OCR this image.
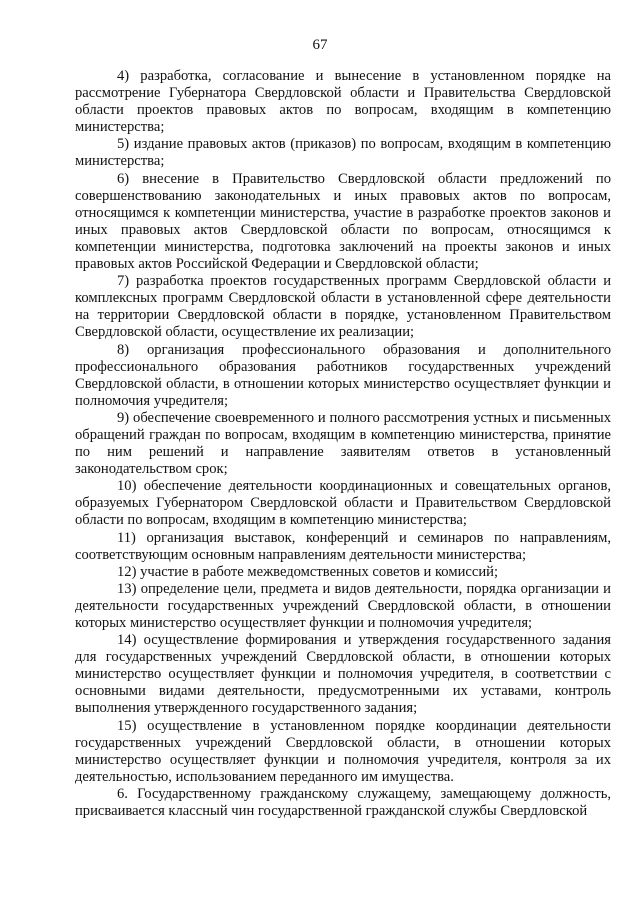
67

4) разработка, согласование и вынесение в установленном порядке на рассмотрение Губернатора Свердловской области и Правительства Свердловской области проектов правовых актов по вопросам, входящим в компетенцию министерства;

5) издание правовых актов (приказов) по вопросам, входящим в компетенцию министерства;

6) внесение в Правительство Свердловской области предложений по совершенствованию законодательных и иных правовых актов по вопросам, относящимся к компетенции министерства, участие в разработке проектов законов и иных правовых актов Свердловской области по вопросам, относящимся к компетенции министерства, подготовка заключений на проекты законов и иных правовых актов Российской Федерации и Свердловской области;

7) разработка проектов государственных программ Свердловской области и комплексных программ Свердловской области в установленной сфере деятельности на территории Свердловской области в порядке, установленном Правительством Свердловской области, осуществление их реализации;

8) организация профессионального образования и дополнительного профессионального образования работников государственных учреждений Свердловской области, в отношении которых министерство осуществляет функции и полномочия учредителя;

9) обеспечение своевременного и полного рассмотрения устных и письменных обращений граждан по вопросам, входящим в компетенцию министерства, принятие по ним решений и направление заявителям ответов в установленный законодательством срок;

10) обеспечение деятельности координационных и совещательных органов, образуемых Губернатором Свердловской области и Правительством Свердловской области по вопросам, входящим в компетенцию министерства;

11) организация выставок, конференций и семинаров по направлениям, соответствующим основным направлениям деятельности министерства;

12) участие в работе межведомственных советов и комиссий;

13) определение цели, предмета и видов деятельности, порядка организации и деятельности государственных учреждений Свердловской области, в отношении которых министерство осуществляет функции и полномочия учредителя;

14) осуществление формирования и утверждения государственного задания для государственных учреждений Свердловской области, в отношении которых министерство осуществляет функции и полномочия учредителя, в соответствии с основными видами деятельности, предусмотренными их уставами, контроль выполнения утвержденного государственного задания;

15) осуществление в установленном порядке координации деятельности государственных учреждений Свердловской области, в отношении которых министерство осуществляет функции и полномочия учредителя, контроля за их деятельностью, использованием переданного им имущества.

6. Государственному гражданскому служащему, замещающему должность, присваивается классный чин государственной гражданской службы Свердловской
